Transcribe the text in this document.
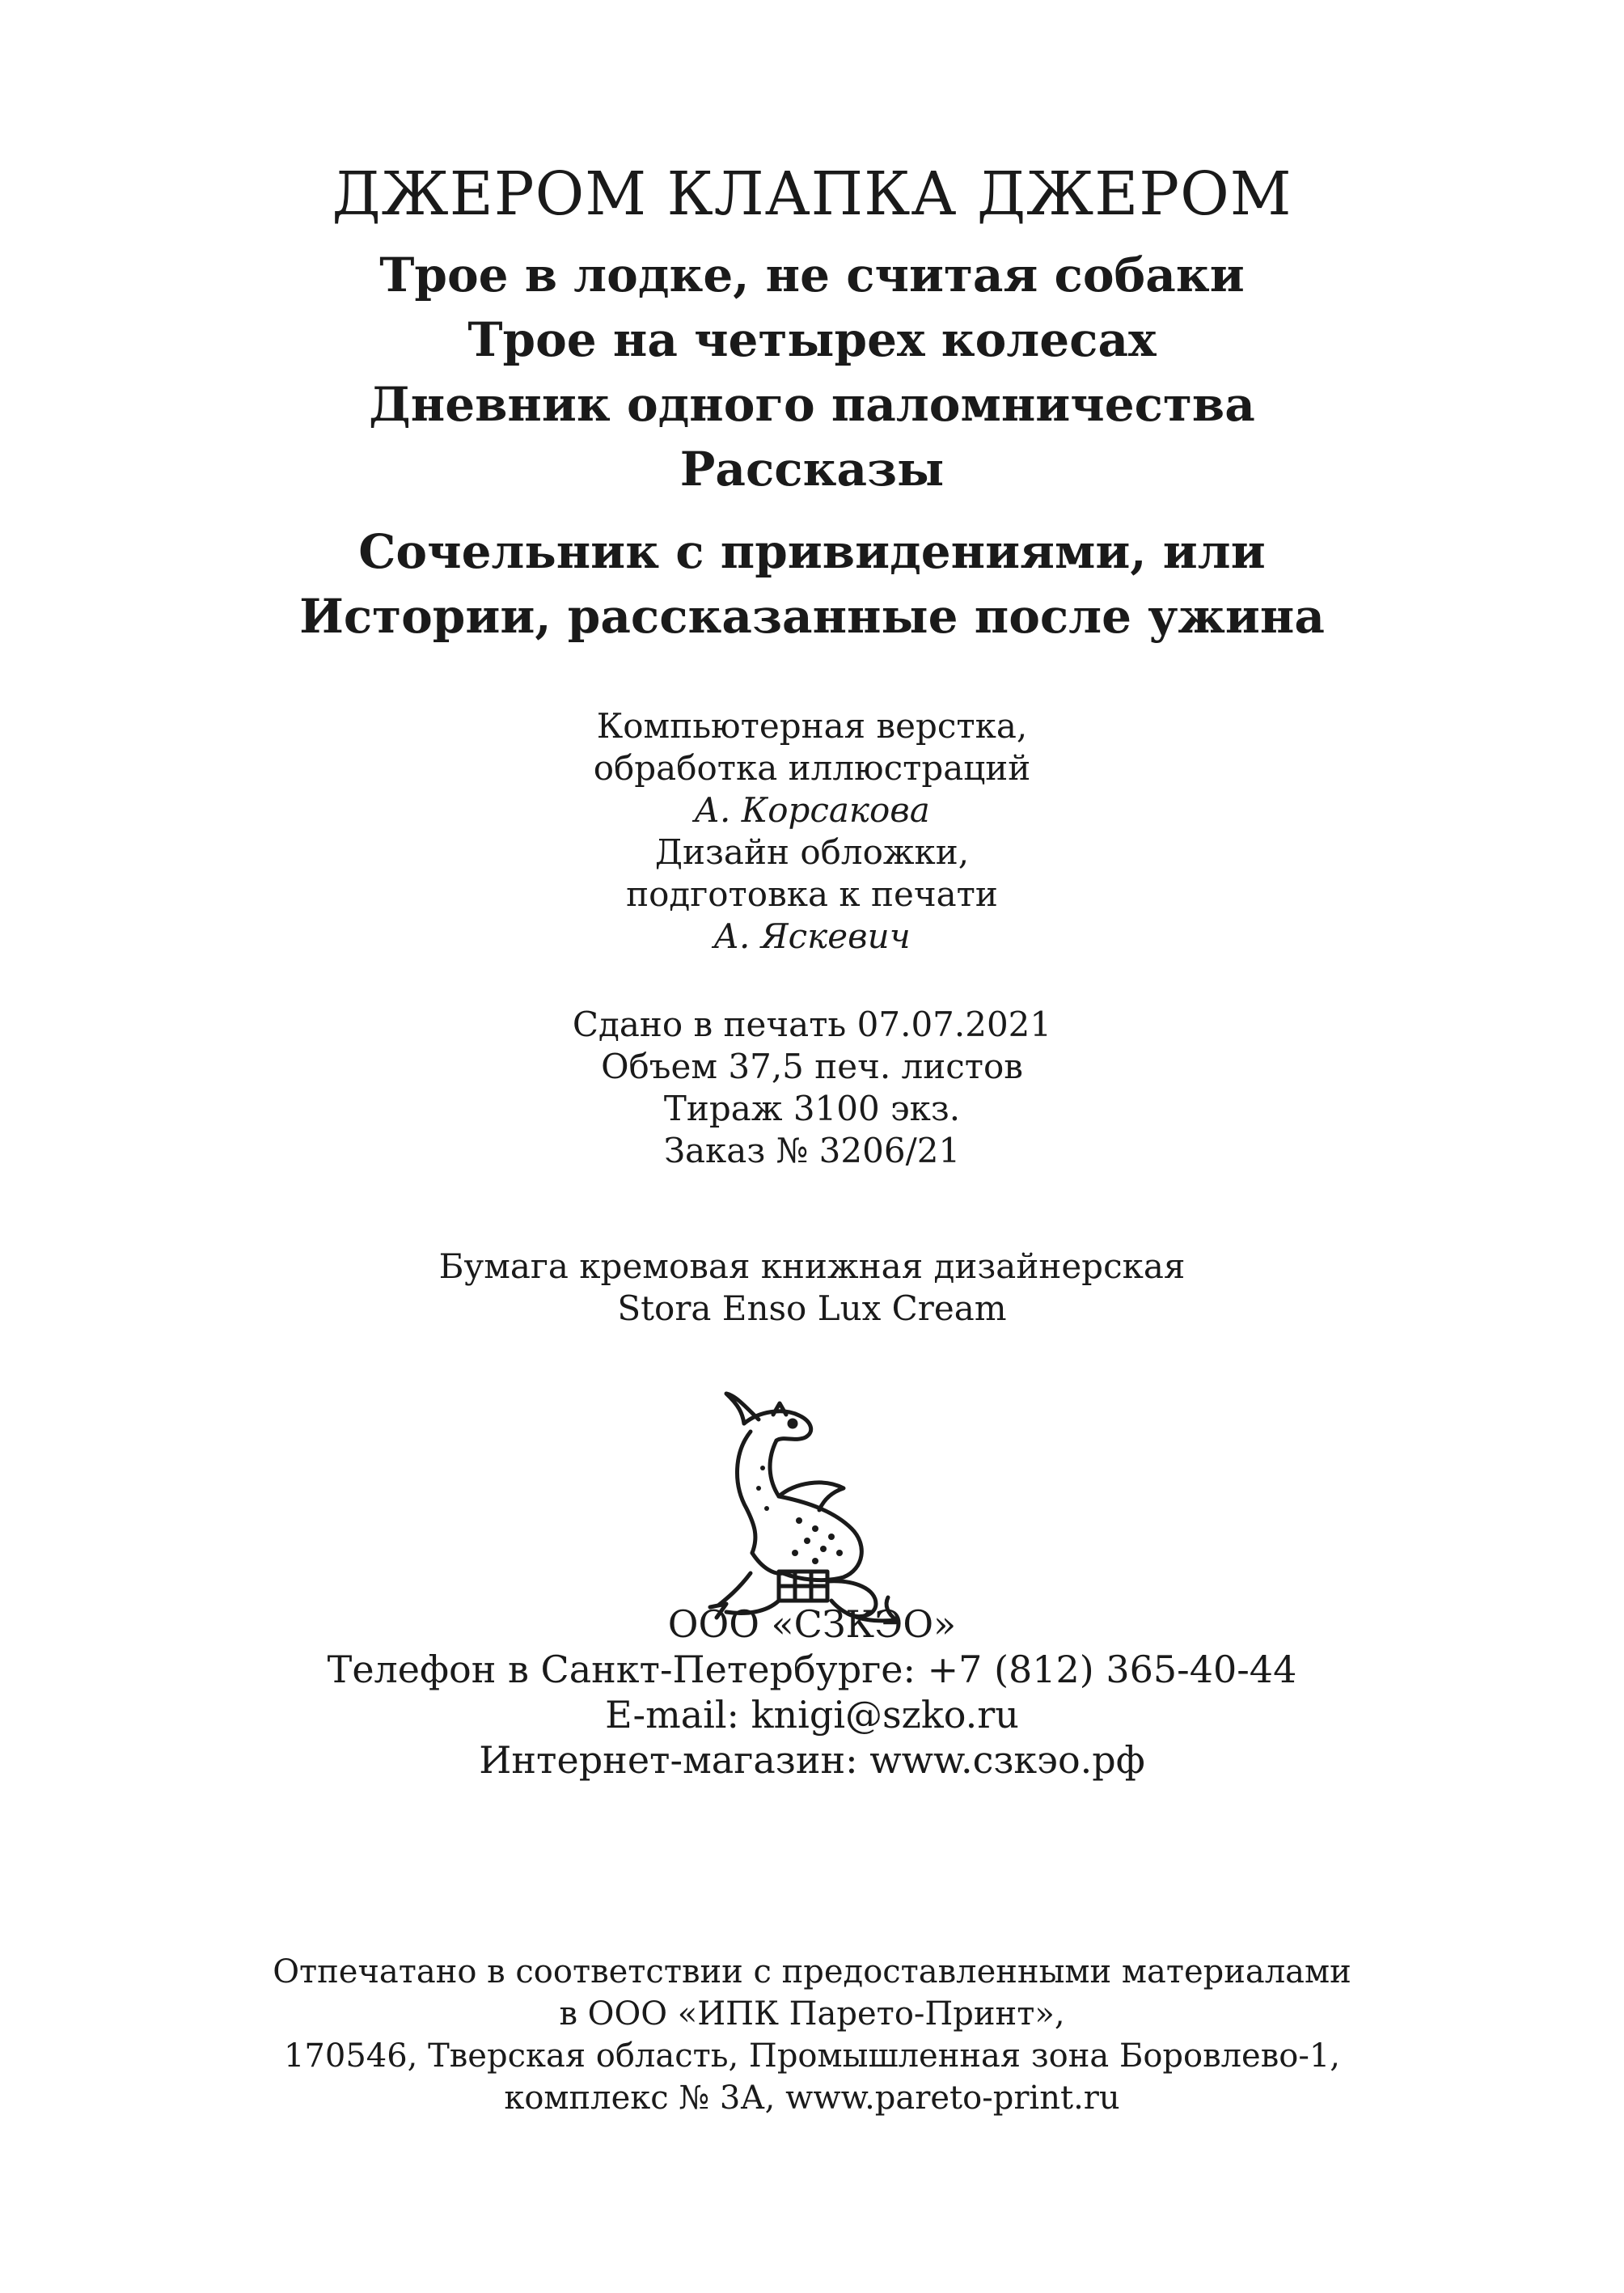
ДЖЕРОМ КЛАПКА ДЖЕРОМ

Трое в лодке, не считая собаки

Трое на четырех колесах

Дневник одного паломничества

Рассказы

Сочельник с привидениями, или

Истории, рассказанные после ужина

Компьютерная верстка,
обработка иллюстраций
А. Корсакова
Дизайн обложки,
подготовка к печати
А. Яскевич
Сдано в печать 07.07.2021
Объем 37,5 печ. листов
Тираж 3100 экз.
Заказ № 3206/21
Бумага кремовая книжная дизайнерская
Stora Enso Lux Cream
ООО «СЗКЭО»
Телефон в Санкт-Петербурге: +7 (812) 365-40-44
E-mail: knigi@szko.ru
Интернет-магазин: www.сзкэо.рф
Отпечатано в соответствии с предоставленными материалами
в ООО «ИПК Парето-Принт»,
170546, Тверская область, Промышленная зона Боровлево-1,
комплекс № 3А, www.pareto-print.ru
